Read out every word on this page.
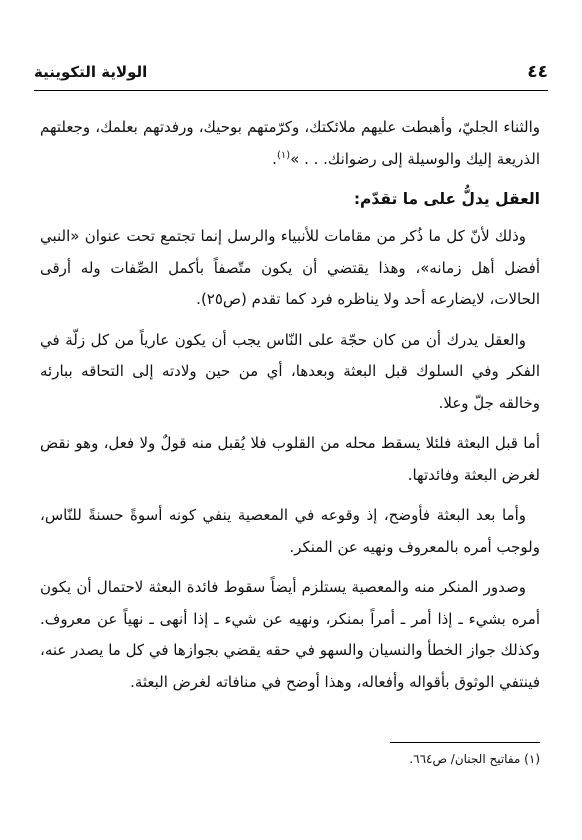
٤٤
الولاية التكوينية

والثناء الجليّ، وأهبطت عليهم ملائكتك، وكرّمتهم بوحيك، ورفدتهم بعلمك، وجعلتهم الذريعة إليك والوسيلة إلى رضوانك. . . »$^{(١)}$.

العقل يدلُّ على ما تقدّم:

وذلك لأنّ كل ما ذُكر من مقامات للأنبياء والرسل إنما تجتمع تحت عنوان «النبي أفضل أهل زمانه»، وهذا يقتضي أن يكون متّصفاً بأكمل الصِّفات وله أرقى الحالات، لايضارعه أحد ولا يناظره فرد كما تقدم (ص٢٥).

والعقل يدرك أن من كان حجّة على النّاس يجب أن يكون عارياً من كل زلّة في الفكر وفي السلوك قبل البعثة وبعدها، أي من حين ولادته إلى التحاقه ببارئه وخالقه جلّ وعلا.

أما قبل البعثة فلئلا يسقط محله من القلوب فلا يُقبل منه قولٌ ولا فعل، وهو نقض لغرض البعثة وفائدتها.

وأما بعد البعثة فأوضح، إذ وقوعه في المعصية ينفي كونه أسوةً حسنةً للنّاس، ولوجب أمره بالمعروف ونهيه عن المنكر.

وصدور المنكر منه والمعصية يستلزم أيضاً سقوط فائدة البعثة لاحتمال أن يكون أمره بشيء ـ إذا أمر ـ أمراً بمنكر، ونهيه عن شيء ـ إذا أنهى ـ نهياً عن معروف. وكذلك جواز الخطأ والنسيان والسهو في حقه يقضي بجوازها في كل ما يصدر عنه، فينتفي الوثوق بأقواله وأفعاله، وهذا أوضح في منافاته لغرض البعثة.

(١) مفاتيح الجنان/ ص٦٦٤.
